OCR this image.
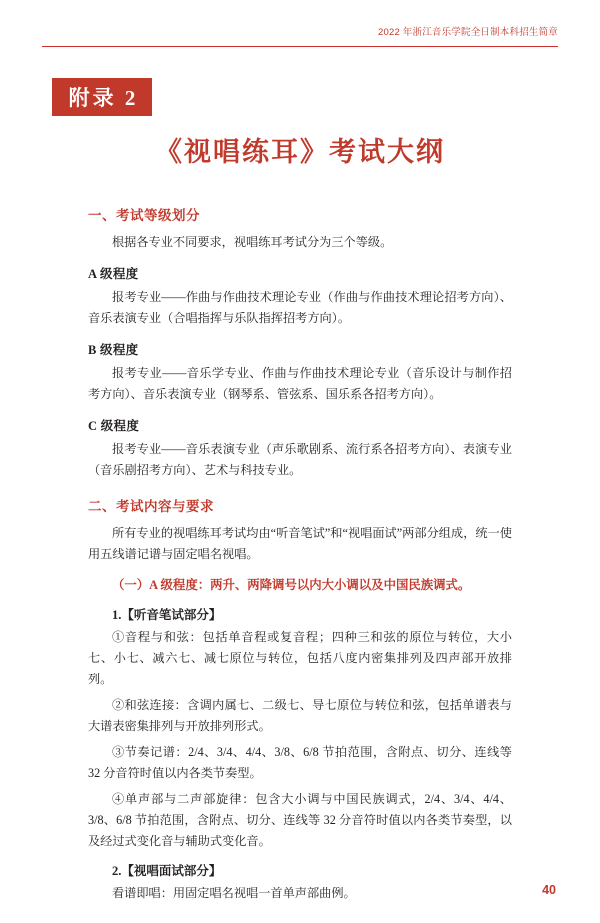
2022 年浙江音乐学院全日制本科招生简章
附录 2
《视唱练耳》考试大纲
一、考试等级划分

根据各专业不同要求，视唱练耳考试分为三个等级。

A 级程度

报考专业——作曲与作曲技术理论专业（作曲与作曲技术理论招考方向）、音乐表演专业（合唱指挥与乐队指挥招考方向）。

B 级程度

报考专业——音乐学专业、作曲与作曲技术理论专业（音乐设计与制作招考方向）、音乐表演专业（钢琴系、管弦系、国乐系各招考方向）。

C 级程度

报考专业——音乐表演专业（声乐歌剧系、流行系各招考方向）、表演专业（音乐剧招考方向）、艺术与科技专业。

二、考试内容与要求

所有专业的视唱练耳考试均由“听音笔试”和“视唱面试”两部分组成，统一使用五线谱记谱与固定唱名视唱。

（一）A 级程度：两升、两降调号以内大小调以及中国民族调式。

1.【听音笔试部分】

①音程与和弦：包括单音程或复音程；四种三和弦的原位与转位，大小七、小七、减六七、减七原位与转位，包括八度内密集排列及四声部开放排列。

②和弦连接：含调内属七、二级七、导七原位与转位和弦，包括单谱表与大谱表密集排列与开放排列形式。

③节奏记谱：2/4、3/4、4/4、3/8、6/8 节拍范围，含附点、切分、连线等 32 分音符时值以内各类节奏型。

④单声部与二声部旋律：包含大小调与中国民族调式，2/4、3/4、4/4、3/8、6/8 节拍范围，含附点、切分、连线等 32 分音符时值以内各类节奏型，以及经过式变化音与辅助式变化音。

2.【视唱面试部分】

看谱即唱：用固定唱名视唱一首单声部曲例。	40
